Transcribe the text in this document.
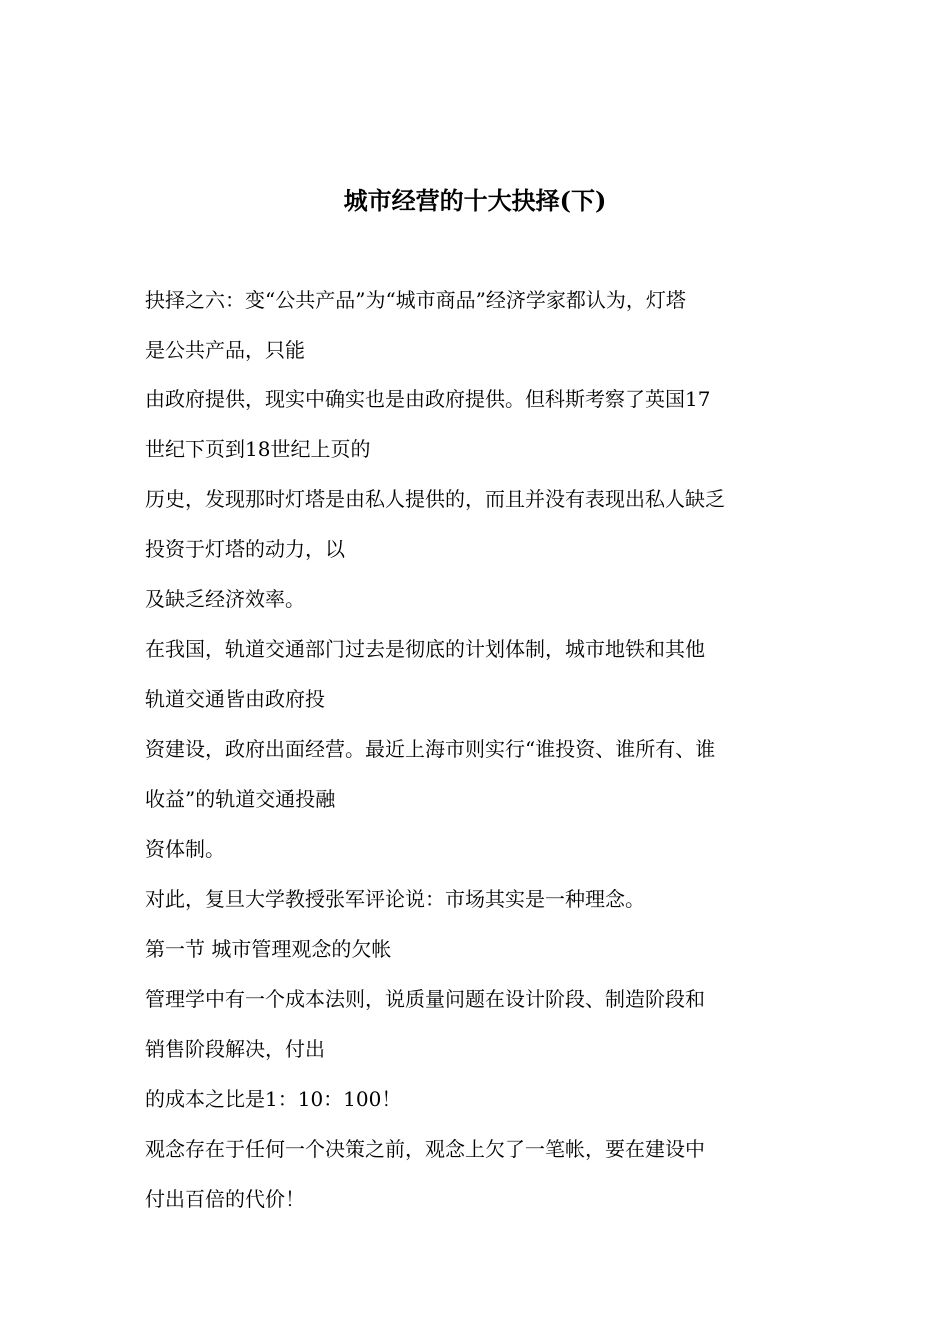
城市经营的十大抉择(下)
抉择之六：变“公共产品”为“城市商品”经济学家都认为，灯塔
是公共产品，只能
由政府提供，现实中确实也是由政府提供。但科斯考察了英国17
世纪下页到18世纪上页的
历史，发现那时灯塔是由私人提供的，而且并没有表现出私人缺乏
投资于灯塔的动力，以
及缺乏经济效率。
在我国，轨道交通部门过去是彻底的计划体制，城市地铁和其他
轨道交通皆由政府投
资建设，政府出面经营。最近上海市则实行“谁投资、谁所有、谁
收益”的轨道交通投融
资体制。
对此，复旦大学教授张军评论说：市场其实是一种理念。
第一节 城市管理观念的欠帐
管理学中有一个成本法则，说质量问题在设计阶段、制造阶段和
销售阶段解决，付出
的成本之比是1：10：100！
观念存在于任何一个决策之前，观念上欠了一笔帐，要在建设中
付出百倍的代价！
